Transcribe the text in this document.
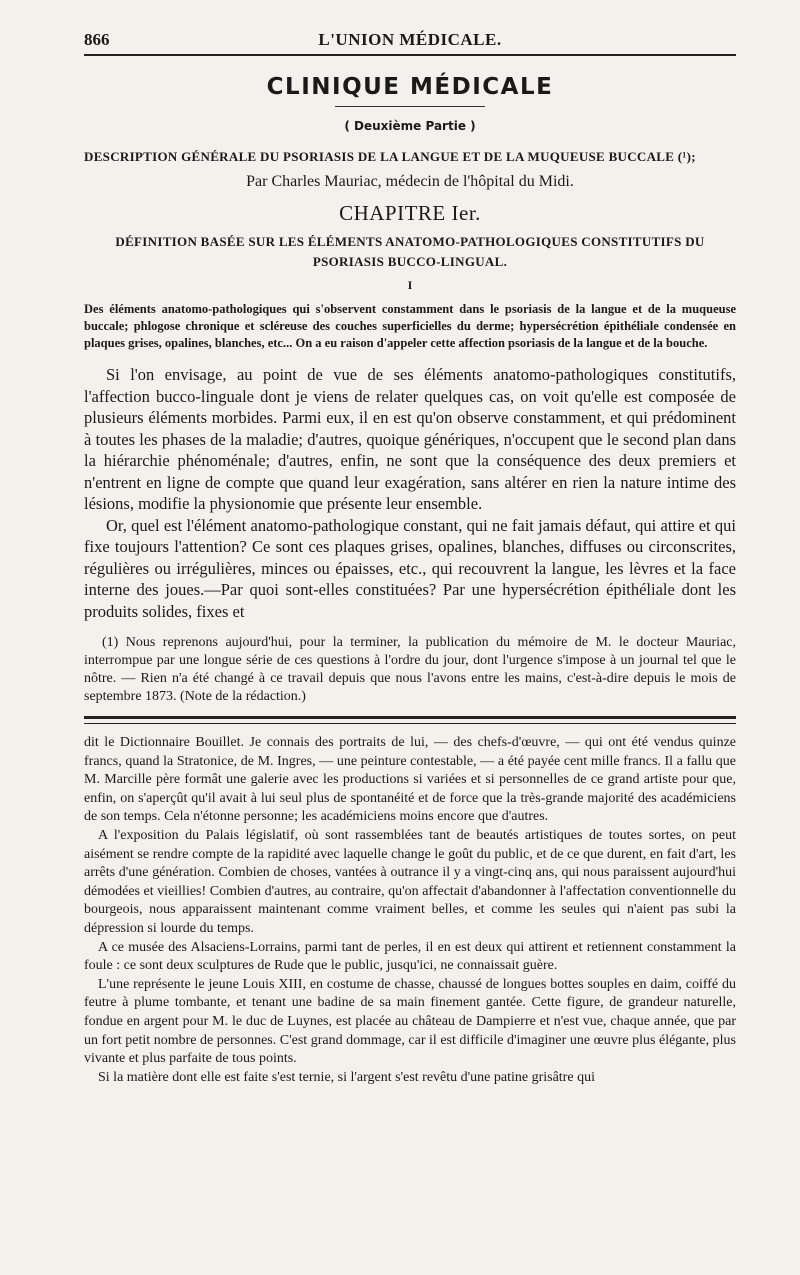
866	L'UNION MÉDICALE.
CLINIQUE MÉDICALE
( Deuxième Partie )
DESCRIPTION GÉNÉRALE DU PSORIASIS DE LA LANGUE ET DE LA MUQUEUSE BUCCALE (¹);
Par Charles Mauriac, médecin de l'hôpital du Midi.
CHAPITRE Ier.
DÉFINITION BASÉE SUR LES ÉLÉMENTS ANATOMO-PATHOLOGIQUES CONSTITUTIFS DU PSORIASIS BUCCO-LINGUAL.
I
Des éléments anatomo-pathologiques qui s'observent constamment dans le psoriasis de la langue et de la muqueuse buccale; phlogose chronique et scléreuse des couches superficielles du derme; hypersécrétion épithéliale condensée en plaques grises, opalines, blanches, etc... On a eu raison d'appeler cette affection psoriasis de la langue et de la bouche.

Si l'on envisage, au point de vue de ses éléments anatomo-pathologiques constitutifs, l'affection bucco-linguale dont je viens de relater quelques cas, on voit qu'elle est composée de plusieurs éléments morbides. Parmi eux, il en est qu'on observe constamment, et qui prédominent à toutes les phases de la maladie; d'autres, quoique génériques, n'occupent que le second plan dans la hiérarchie phénoménale; d'autres, enfin, ne sont que la conséquence des deux premiers et n'entrent en ligne de compte que quand leur exagération, sans altérer en rien la nature intime des lésions, modifie la physionomie que présente leur ensemble.

Or, quel est l'élément anatomo-pathologique constant, qui ne fait jamais défaut, qui attire et qui fixe toujours l'attention? Ce sont ces plaques grises, opalines, blanches, diffuses ou circonscrites, régulières ou irrégulières, minces ou épaisses, etc., qui recouvrent la langue, les lèvres et la face interne des joues.—Par quoi sont-elles constituées? Par une hypersécrétion épithéliale dont les produits solides, fixes et

(1) Nous reprenons aujourd'hui, pour la terminer, la publication du mémoire de M. le docteur Mauriac, interrompue par une longue série de ces questions à l'ordre du jour, dont l'urgence s'impose à un journal tel que le nôtre. — Rien n'a été changé à ce travail depuis que nous l'avons entre les mains, c'est-à-dire depuis le mois de septembre 1873. (Note de la rédaction.)

dit le Dictionnaire Bouillet. Je connais des portraits de lui, — des chefs-d'œuvre, — qui ont été vendus quinze francs, quand la Stratonice, de M. Ingres, — une peinture contestable, — a été payée cent mille francs. Il a fallu que M. Marcille père formât une galerie avec les productions si variées et si personnelles de ce grand artiste pour que, enfin, on s'aperçût qu'il avait à lui seul plus de spontanéité et de force que la très-grande majorité des académiciens de son temps. Cela n'étonne personne; les académiciens moins encore que d'autres.

A l'exposition du Palais législatif, où sont rassemblées tant de beautés artistiques de toutes sortes, on peut aisément se rendre compte de la rapidité avec laquelle change le goût du public, et de ce que durent, en fait d'art, les arrêts d'une génération. Combien de choses, vantées à outrance il y a vingt-cinq ans, qui nous paraissent aujourd'hui démodées et vieillies! Combien d'autres, au contraire, qu'on affectait d'abandonner à l'affectation conventionnelle du bourgeois, nous apparaissent maintenant comme vraiment belles, et comme les seules qui n'aient pas subi la dépression si lourde du temps.

A ce musée des Alsaciens-Lorrains, parmi tant de perles, il en est deux qui attirent et retiennent constamment la foule : ce sont deux sculptures de Rude que le public, jusqu'ici, ne connaissait guère.

L'une représente le jeune Louis XIII, en costume de chasse, chaussé de longues bottes souples en daim, coiffé du feutre à plume tombante, et tenant une badine de sa main finement gantée. Cette figure, de grandeur naturelle, fondue en argent pour M. le duc de Luynes, est placée au château de Dampierre et n'est vue, chaque année, que par un fort petit nombre de personnes. C'est grand dommage, car il est difficile d'imaginer une œuvre plus élégante, plus vivante et plus parfaite de tous points.

Si la matière dont elle est faite s'est ternie, si l'argent s'est revêtu d'une patine grisâtre qui
